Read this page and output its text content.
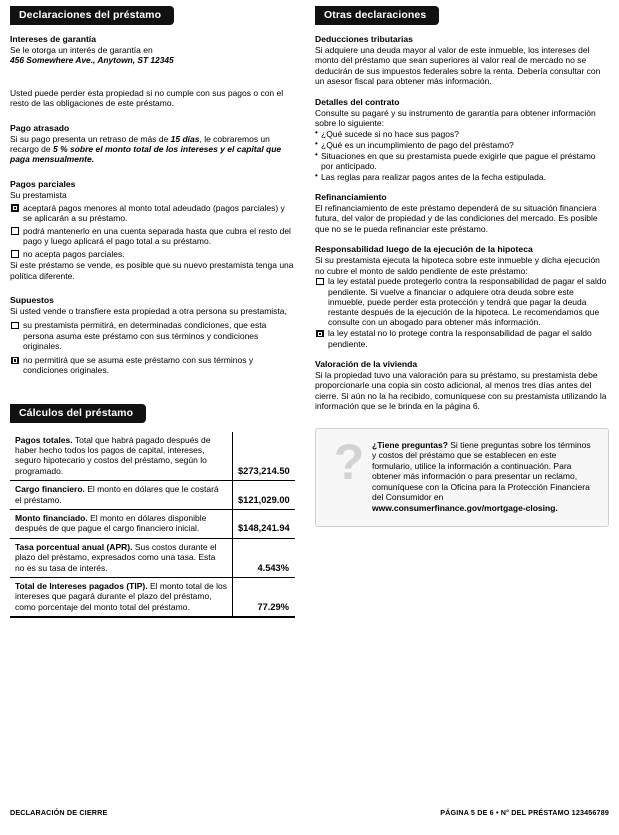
Declaraciones del préstamo
Intereses de garantía
Se le otorga un interés de garantía en
456 Somewhere Ave., Anytown, ST 12345
Usted puede perder esta propiedad si no cumple con sus pagos o con el resto de las obligaciones de este préstamo.
Pago atrasado
Si su pago presenta un retraso de más de 15 días, le cobraremos un recargo de 5 % sobre el monto total de los intereses y el capital que paga mensualmente.
Pagos parciales
Su prestamista
aceptará pagos menores al monto total adeudado (pagos parciales) y se aplicarán a su préstamo.
podrá mantenerlo en una cuenta separada hasta que cubra el resto del pago y luego aplicará el pago total a su préstamo.
no acepta pagos parciales.
Si este préstamo se vende, es posible que su nuevo prestamista tenga una política diferente.
Supuestos
Si usted vende o transfiere esta propiedad a otra persona su prestamista,
su prestamista permitirá, en determinadas condiciones, que esta persona asuma este préstamo con sus términos y condiciones originales.
no permitirá que se asuma este préstamo con sus términos y condiciones originales.
Cálculos del préstamo
Pagos totales. Total que habrá pagado después de haber hecho todos los pagos de capital, intereses, seguro hipotecario y costos del préstamo, según lo programado.	$273,214.50
Cargo financiero. El monto en dólares que le costará el préstamo.	$121,029.00
Monto financiado. El monto en dólares disponible después de que pague el cargo financiero inicial.	$148,241.94
Tasa porcentual anual (APR). Sus costos durante el plazo del préstamo, expresados como una tasa. Esta no es su tasa de interés.	4.543%
Total de Intereses pagados (TIP). El monto total de los intereses que pagará durante el plazo del préstamo, como porcentaje del monto total del préstamo.	77.29%
Otras declaraciones
Deducciones tributarias
Si adquiere una deuda mayor al valor de este inmueble, los intereses del monto del préstamo que sean superiores al valor real de mercado no se deducirán de sus impuestos federales sobre la renta. Debería consultar con un asesor fiscal para obtener más información.
Detalles del contrato
Consulte su pagaré y su instrumento de garantía para obtener información sobre lo siguiente:
• ¿Qué sucede si no hace sus pagos?
• ¿Qué es un incumplimiento de pago del préstamo?
• Situaciones en que su prestamista puede exigirle que pague el préstamo por anticipado.
• Las reglas para realizar pagos antes de la fecha estipulada.
Refinanciamiento
El refinanciamiento de este préstamo dependerá de su situación financiera futura, del valor de propiedad y de las condiciones del mercado. Es posible que no se le pueda refinanciar este préstamo.
Responsabilidad luego de la ejecución de la hipoteca
Si su prestamista ejecuta la hipoteca sobre este inmueble y dicha ejecución no cubre el monto de saldo pendiente de este préstamo:
la ley estatal puede protegerlo contra la responsabilidad de pagar el saldo pendiente. Si vuelve a financiar o adquiere otra deuda sobre este inmueble, puede perder esta protección y tendrá que pagar la deuda restante después de la ejecución de la hipoteca. Le recomendamos que consulte con un abogado para obtener más información.
la ley estatal no lo protege contra la responsabilidad de pagar el saldo pendiente.
Valoración de la vivienda
Si la propiedad tuvo una valoración para su préstamo, su prestamista debe proporcionarle una copia sin costo adicional, al menos tres días antes del cierre. Si aún no la ha recibido, comuníquese con su prestamista utilizando la información que se le brinda en la página 6.
? ¿Tiene preguntas? Si tiene preguntas sobre los términos y costos del préstamo que se establecen en este formulario, utilice la información a continuación. Para obtener más información o para presentar un reclamo, comuníquese con la Oficina para la Protección Financiera del Consumidor en www.consumerfinance.gov/mortgage-closing.
DECLARACIÓN DE CIERRE	PÁGINA 5 DE 6 • N° DEL PRÉSTAMO 123456789
